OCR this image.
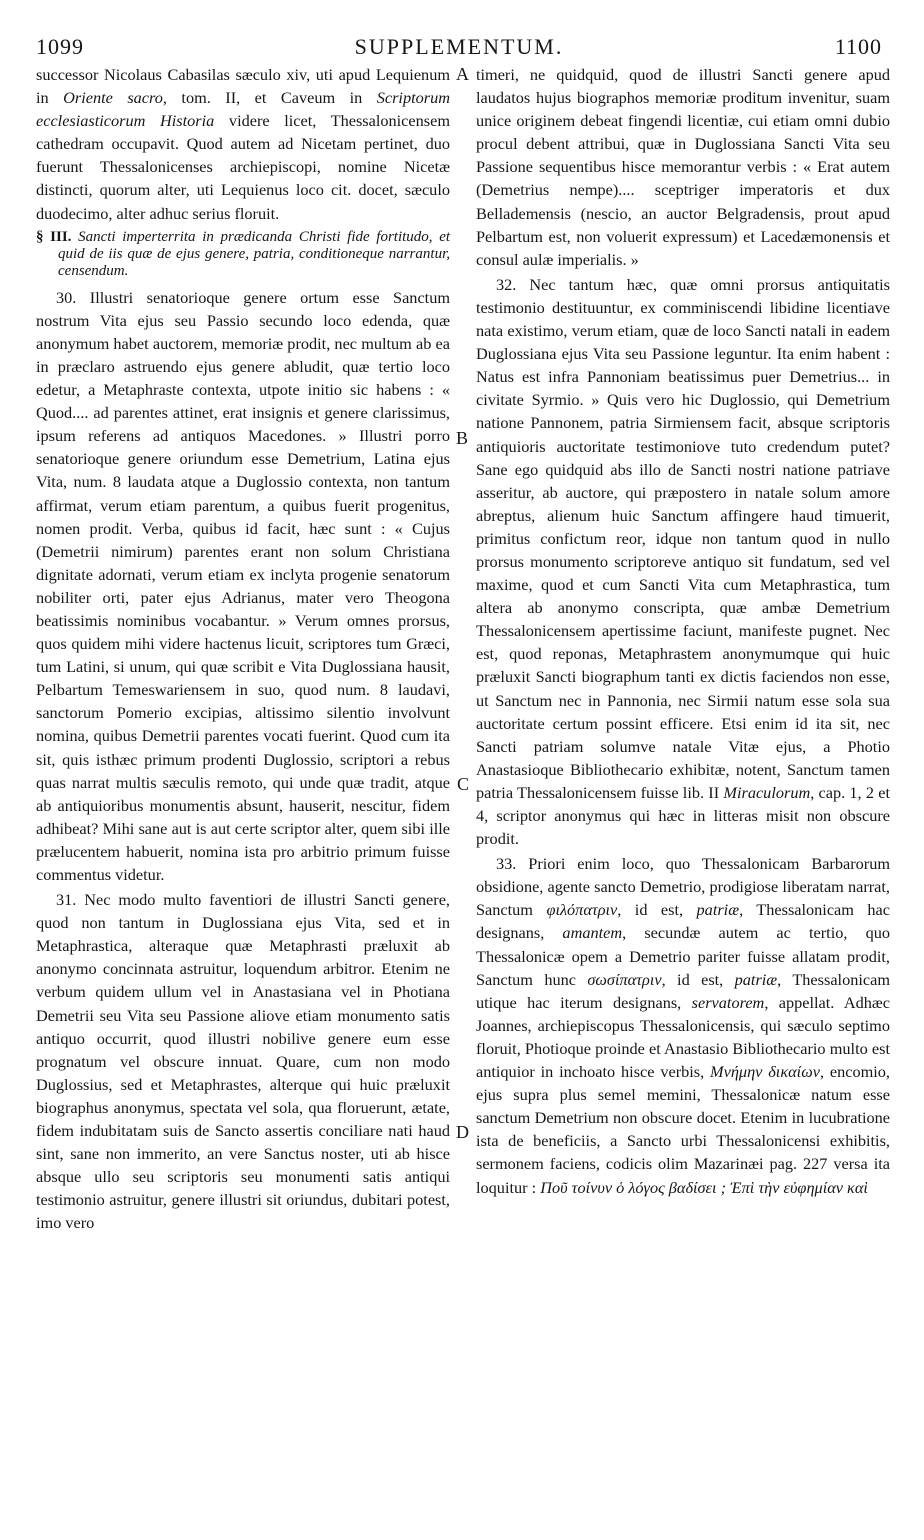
1099	SUPPLEMENTUM.	1100
A
B
C
D

successor Nicolaus Cabasilas sæculo xiv, uti apud Lequienum in Oriente sacro, tom. II, et Caveum in Scriptorum ecclesiasticorum Historia videre licet, Thessalonicensem cathedram occupavit. Quod autem ad Nicetam pertinet, duo fuerunt Thessalonicenses archiepiscopi, nomine Nicetæ distincti, quorum alter, uti Lequienus loco cit. docet, sæculo duodecimo, alter adhuc serius floruit.

§ III. Sancti imperterrita in prædicanda Christi fide fortitudo, et quid de iis quæ de ejus genere, patria, conditioneque narrantur, censendum.

30. Illustri senatorioque genere ortum esse Sanctum nostrum Vita ejus seu Passio secundo loco edenda, quæ anonymum habet auctorem, memoriæ prodit, nec multum ab ea in præclaro astruendo ejus genere abludit, quæ tertio loco edetur, a Metaphraste contexta, utpote initio sic habens : « Quod.... ad parentes attinet, erat insignis et genere clarissimus, ipsum referens ad antiquos Macedones. » Illustri porro senatorioque genere oriundum esse Demetrium, Latina ejus Vita, num. 8 laudata atque a Duglossio contexta, non tantum affirmat, verum etiam parentum, a quibus fuerit progenitus, nomen prodit. Verba, quibus id facit, hæc sunt : « Cujus (Demetrii nimirum) parentes erant non solum Christiana dignitate adornati, verum etiam ex inclyta progenie senatorum nobiliter orti, pater ejus Adrianus, mater vero Theogona beatissimis nominibus vocabantur. » Verum omnes prorsus, quos quidem mihi videre hactenus licuit, scriptores tum Græci, tum Latini, si unum, qui quæ scribit e Vita Duglossiana hausit, Pelbartum Temeswariensem in suo, quod num. 8 laudavi, sanctorum Pomerio excipias, altissimo silentio involvunt nomina, quibus Demetrii parentes vocati fuerint. Quod cum ita sit, quis isthæc primum prodenti Duglossio, scriptori a rebus quas narrat multis sæculis remoto, qui unde quæ tradit, atque ab antiquioribus monumentis absunt, hauserit, nescitur, fidem adhibeat? Mihi sane aut is aut certe scriptor alter, quem sibi ille prælucentem habuerit, nomina ista pro arbitrio primum fuisse commentus videtur.

31. Nec modo multo faventiori de illustri Sancti genere, quod non tantum in Duglossiana ejus Vita, sed et in Metaphrastica, alteraque quæ Metaphrasti præluxit ab anonymo concinnata astruitur, loquendum arbitror. Etenim ne verbum quidem ullum vel in Anastasiana vel in Photiana Demetrii seu Vita seu Passione aliove etiam monumento satis antiquo occurrit, quod illustri nobilive genere eum esse prognatum vel obscure innuat. Quare, cum non modo Duglossius, sed et Metaphrastes, alterque qui huic præluxit biographus anonymus, spectata vel sola, qua floruerunt, ætate, fidem indubitatam suis de Sancto assertis conciliare nati haud sint, sane non immerito, an vere Sanctus noster, uti ab hisce absque ullo seu scriptoris seu monumenti satis antiqui testimonio astruitur, genere illustri sit oriundus, dubitari potest, imo vero

timeri, ne quidquid, quod de illustri Sancti genere apud laudatos hujus biographos memoriæ proditum invenitur, suam unice originem debeat fingendi licentiæ, cui etiam omni dubio procul debent attribui, quæ in Duglossiana Sancti Vita seu Passione sequentibus hisce memorantur verbis : « Erat autem (Demetrius nempe).... sceptriger imperatoris et dux Bellademensis (nescio, an auctor Belgradensis, prout apud Pelbartum est, non voluerit expressum) et Lacedæmonensis et consul aulæ imperialis. »

32. Nec tantum hæc, quæ omni prorsus antiquitatis testimonio destituuntur, ex comminiscendi libidine licentiave nata existimo, verum etiam, quæ de loco Sancti natali in eadem Duglossiana ejus Vita seu Passione leguntur. Ita enim habent : Natus est infra Pannoniam beatissimus puer Demetrius... in civitate Syrmio. » Quis vero hic Duglossio, qui Demetrium natione Pannonem, patria Sirmiensem facit, absque scriptoris antiquioris auctoritate testimoniove tuto credendum putet? Sane ego quidquid abs illo de Sancti nostri natione patriave asseritur, ab auctore, qui præpostero in natale solum amore abreptus, alienum huic Sanctum affingere haud timuerit, primitus confictum reor, idque non tantum quod in nullo prorsus monumento scriptoreve antiquo sit fundatum, sed vel maxime, quod et cum Sancti Vita cum Metaphrastica, tum altera ab anonymo conscripta, quæ ambæ Demetrium Thessalonicensem apertissime faciunt, manifeste pugnet. Nec est, quod reponas, Metaphrastem anonymumque qui huic præluxit Sancti biographum tanti ex dictis faciendos non esse, ut Sanctum nec in Pannonia, nec Sirmii natum esse sola sua auctoritate certum possint efficere. Etsi enim id ita sit, nec Sancti patriam solumve natale Vitæ ejus, a Photio Anastasioque Bibliothecario exhibitæ, notent, Sanctum tamen patria Thessalonicensem fuisse lib. II Miraculorum, cap. 1, 2 et 4, scriptor anonymus qui hæc in litteras misit non obscure prodit.

33. Priori enim loco, quo Thessalonicam Barbarorum obsidione, agente sancto Demetrio, prodigiose liberatam narrat, Sanctum φιλόπατριν, id est, patriæ, Thessalonicam hac designans, amantem, secundæ autem ac tertio, quo Thessalonicæ opem a Demetrio pariter fuisse allatam prodit, Sanctum hunc σωσίπατριν, id est, patriæ, Thessalonicam utique hac iterum designans, servatorem, appellat. Adhæc Joannes, archiepiscopus Thessalonicensis, qui sæculo septimo floruit, Photioque proinde et Anastasio Bibliothecario multo est antiquior in inchoato hisce verbis, Μνήμην δικαίων, encomio, ejus supra plus semel memini, Thessalonicæ natum esse sanctum Demetrium non obscure docet. Etenim in lucubratione ista de beneficiis, a Sancto urbi Thessalonicensi exhibitis, sermonem faciens, codicis olim Mazarinæi pag. 227 versa ita loquitur : Ποῦ τοίνυν ὁ λόγος βαδίσει ; Ἐπὶ τὴν εὐφημίαν καὶ
